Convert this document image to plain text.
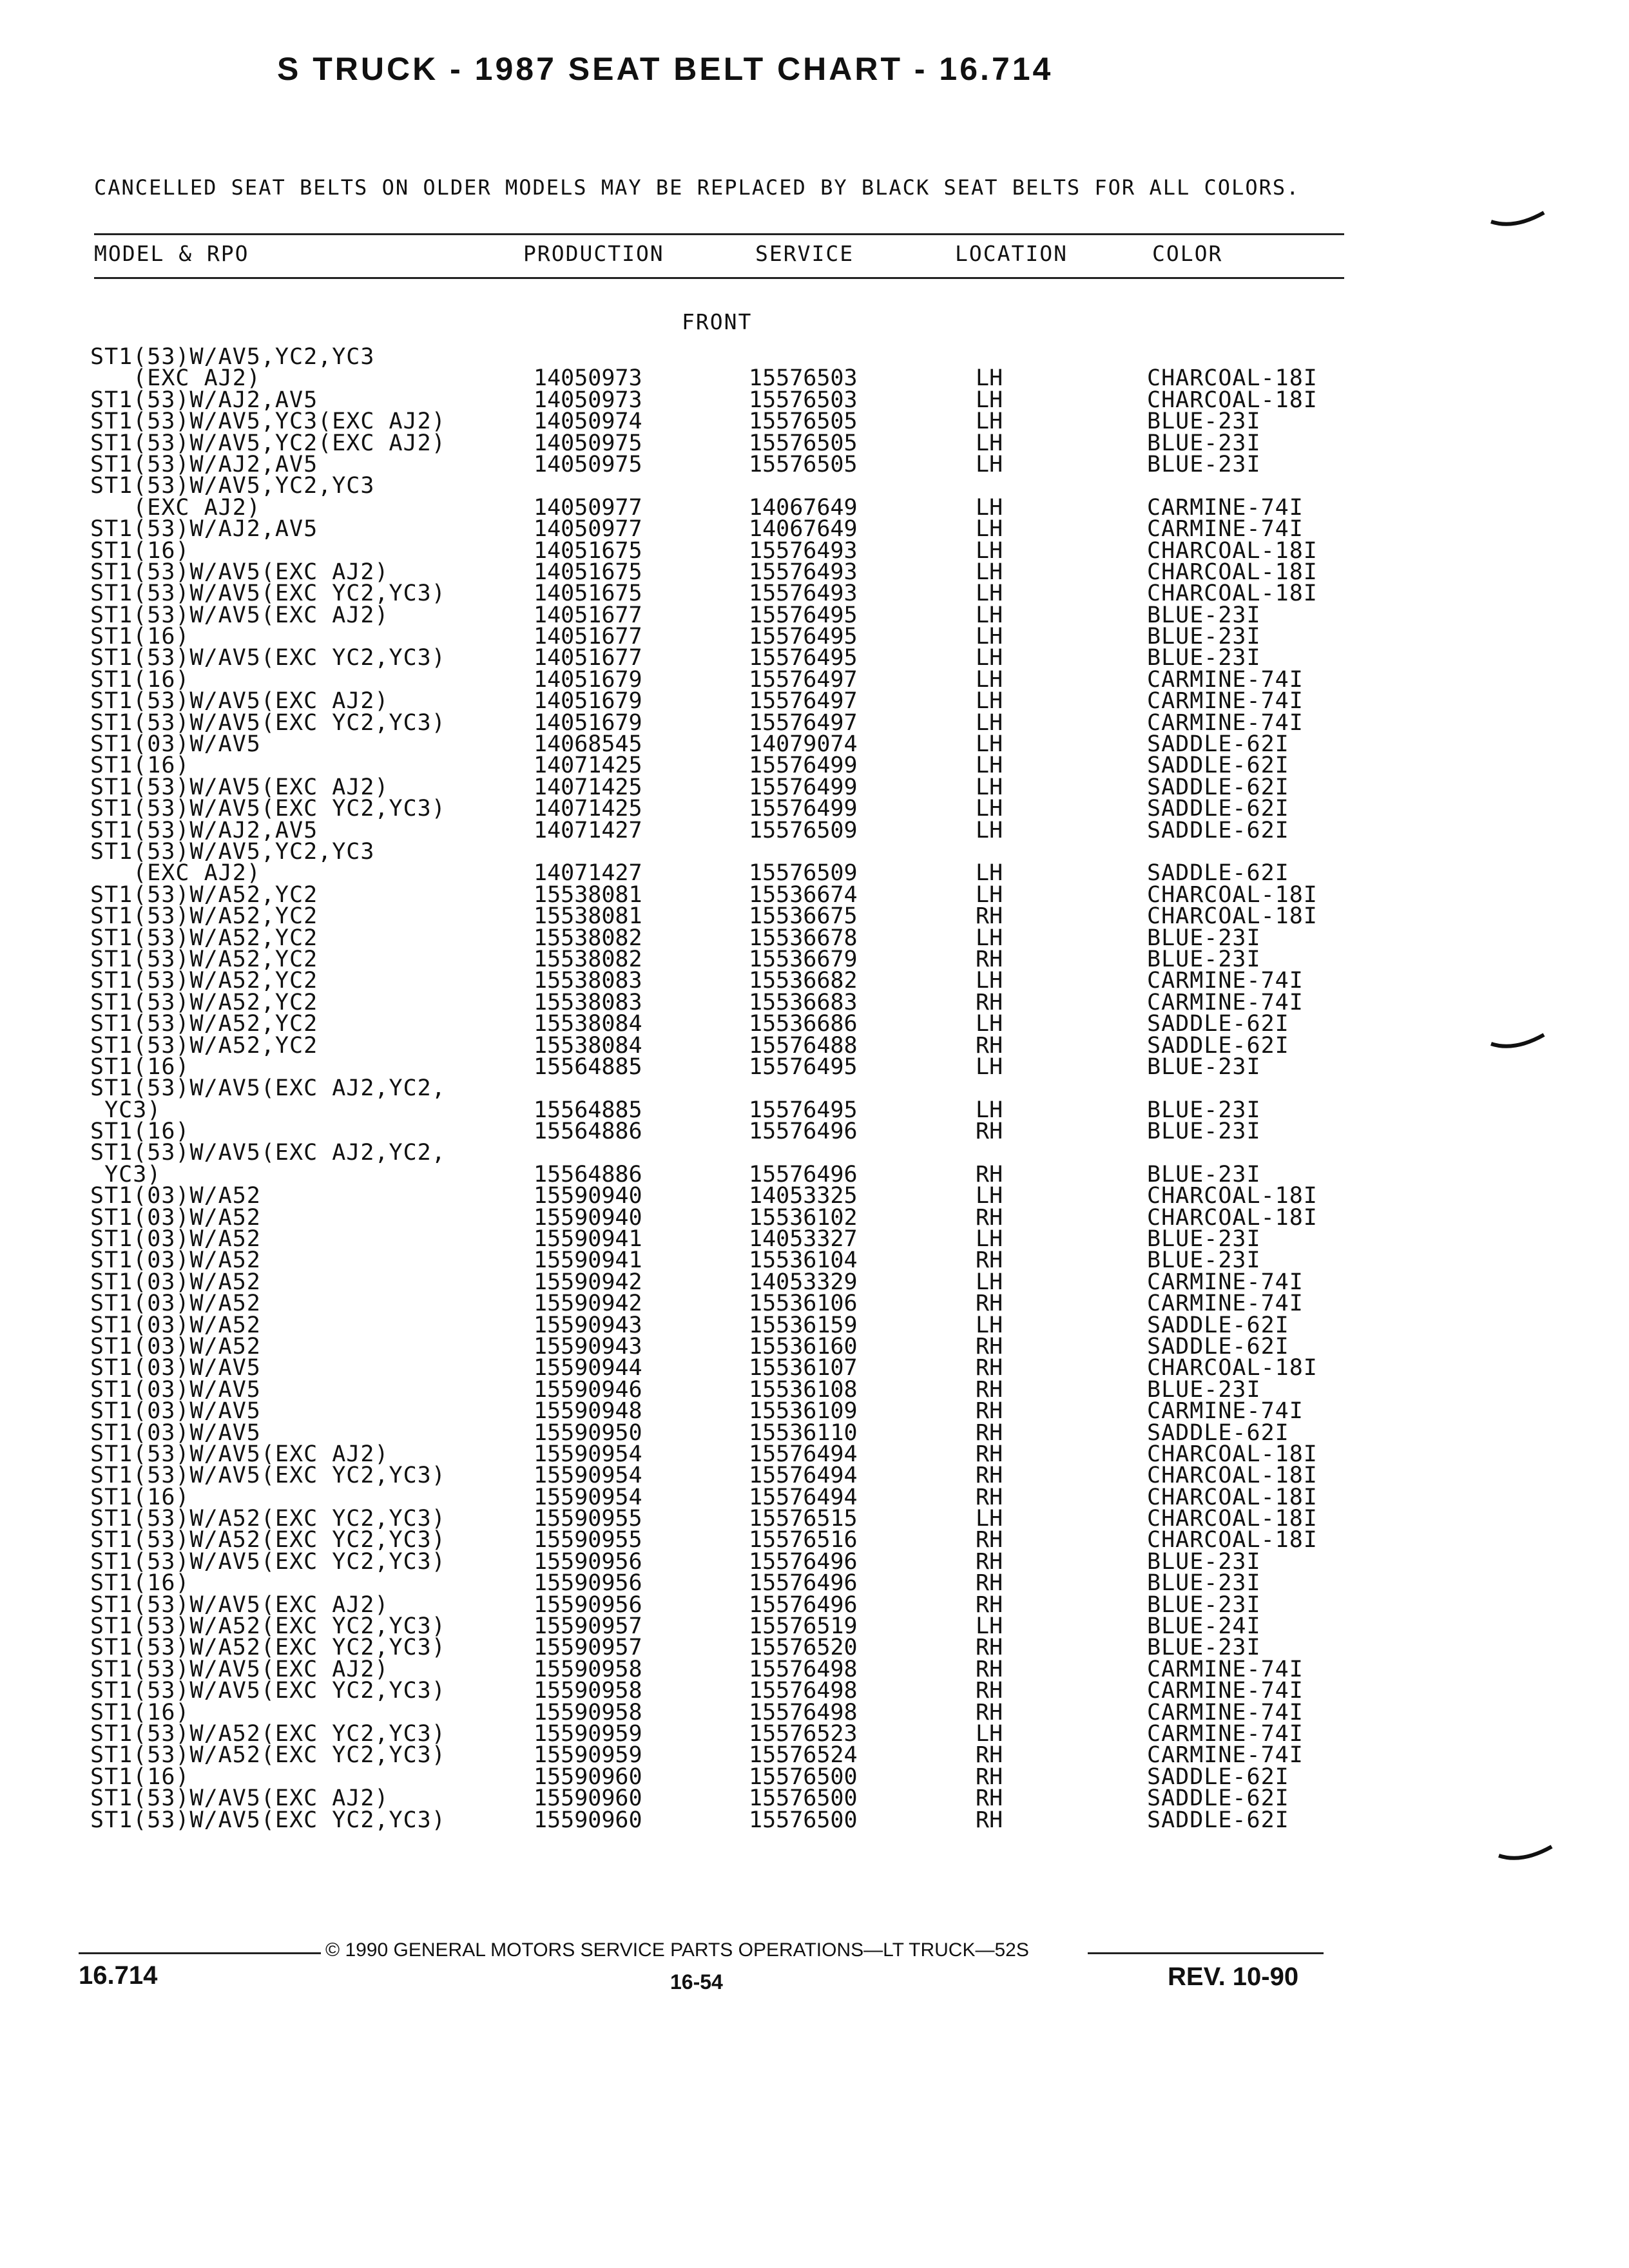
S TRUCK - 1987 SEAT BELT CHART - 16.714
CANCELLED SEAT BELTS ON OLDER MODELS MAY BE REPLACED BY BLACK SEAT BELTS FOR ALL COLORS.
MODEL & RPO	PRODUCTION	SERVICE	LOCATION	COLOR
FRONT
ST1(53)W/AV5,YC2,YC3
(EXC AJ2)	14050973	15576503	LH	CHARCOAL-18I
ST1(53)W/AJ2,AV5	14050973	15576503	LH	CHARCOAL-18I
ST1(53)W/AV5,YC3(EXC AJ2)	14050974	15576505	LH	BLUE-23I
ST1(53)W/AV5,YC2(EXC AJ2)	14050975	15576505	LH	BLUE-23I
ST1(53)W/AJ2,AV5	14050975	15576505	LH	BLUE-23I
ST1(53)W/AV5,YC2,YC3
(EXC AJ2)	14050977	14067649	LH	CARMINE-74I
ST1(53)W/AJ2,AV5	14050977	14067649	LH	CARMINE-74I
ST1(16)	14051675	15576493	LH	CHARCOAL-18I
ST1(53)W/AV5(EXC AJ2)	14051675	15576493	LH	CHARCOAL-18I
ST1(53)W/AV5(EXC YC2,YC3)	14051675	15576493	LH	CHARCOAL-18I
ST1(53)W/AV5(EXC AJ2)	14051677	15576495	LH	BLUE-23I
ST1(16)	14051677	15576495	LH	BLUE-23I
ST1(53)W/AV5(EXC YC2,YC3)	14051677	15576495	LH	BLUE-23I
ST1(16)	14051679	15576497	LH	CARMINE-74I
ST1(53)W/AV5(EXC AJ2)	14051679	15576497	LH	CARMINE-74I
ST1(53)W/AV5(EXC YC2,YC3)	14051679	15576497	LH	CARMINE-74I
ST1(03)W/AV5	14068545	14079074	LH	SADDLE-62I
ST1(16)	14071425	15576499	LH	SADDLE-62I
ST1(53)W/AV5(EXC AJ2)	14071425	15576499	LH	SADDLE-62I
ST1(53)W/AV5(EXC YC2,YC3)	14071425	15576499	LH	SADDLE-62I
ST1(53)W/AJ2,AV5	14071427	15576509	LH	SADDLE-62I
ST1(53)W/AV5,YC2,YC3
(EXC AJ2)	14071427	15576509	LH	SADDLE-62I
ST1(53)W/A52,YC2	15538081	15536674	LH	CHARCOAL-18I
ST1(53)W/A52,YC2	15538081	15536675	RH	CHARCOAL-18I
ST1(53)W/A52,YC2	15538082	15536678	LH	BLUE-23I
ST1(53)W/A52,YC2	15538082	15536679	RH	BLUE-23I
ST1(53)W/A52,YC2	15538083	15536682	LH	CARMINE-74I
ST1(53)W/A52,YC2	15538083	15536683	RH	CARMINE-74I
ST1(53)W/A52,YC2	15538084	15536686	LH	SADDLE-62I
ST1(53)W/A52,YC2	15538084	15576488	RH	SADDLE-62I
ST1(16)	15564885	15576495	LH	BLUE-23I
ST1(53)W/AV5(EXC AJ2,YC2,
YC3)	15564885	15576495	LH	BLUE-23I
ST1(16)	15564886	15576496	RH	BLUE-23I
ST1(53)W/AV5(EXC AJ2,YC2,
YC3)	15564886	15576496	RH	BLUE-23I
ST1(03)W/A52	15590940	14053325	LH	CHARCOAL-18I
ST1(03)W/A52	15590940	15536102	RH	CHARCOAL-18I
ST1(03)W/A52	15590941	14053327	LH	BLUE-23I
ST1(03)W/A52	15590941	15536104	RH	BLUE-23I
ST1(03)W/A52	15590942	14053329	LH	CARMINE-74I
ST1(03)W/A52	15590942	15536106	RH	CARMINE-74I
ST1(03)W/A52	15590943	15536159	LH	SADDLE-62I
ST1(03)W/A52	15590943	15536160	RH	SADDLE-62I
ST1(03)W/AV5	15590944	15536107	RH	CHARCOAL-18I
ST1(03)W/AV5	15590946	15536108	RH	BLUE-23I
ST1(03)W/AV5	15590948	15536109	RH	CARMINE-74I
ST1(03)W/AV5	15590950	15536110	RH	SADDLE-62I
ST1(53)W/AV5(EXC AJ2)	15590954	15576494	RH	CHARCOAL-18I
ST1(53)W/AV5(EXC YC2,YC3)	15590954	15576494	RH	CHARCOAL-18I
ST1(16)	15590954	15576494	RH	CHARCOAL-18I
ST1(53)W/A52(EXC YC2,YC3)	15590955	15576515	LH	CHARCOAL-18I
ST1(53)W/A52(EXC YC2,YC3)	15590955	15576516	RH	CHARCOAL-18I
ST1(53)W/AV5(EXC YC2,YC3)	15590956	15576496	RH	BLUE-23I
ST1(16)	15590956	15576496	RH	BLUE-23I
ST1(53)W/AV5(EXC AJ2)	15590956	15576496	RH	BLUE-23I
ST1(53)W/A52(EXC YC2,YC3)	15590957	15576519	LH	BLUE-24I
ST1(53)W/A52(EXC YC2,YC3)	15590957	15576520	RH	BLUE-23I
ST1(53)W/AV5(EXC AJ2)	15590958	15576498	RH	CARMINE-74I
ST1(53)W/AV5(EXC YC2,YC3)	15590958	15576498	RH	CARMINE-74I
ST1(16)	15590958	15576498	RH	CARMINE-74I
ST1(53)W/A52(EXC YC2,YC3)	15590959	15576523	LH	CARMINE-74I
ST1(53)W/A52(EXC YC2,YC3)	15590959	15576524	RH	CARMINE-74I
ST1(16)	15590960	15576500	RH	SADDLE-62I
ST1(53)W/AV5(EXC AJ2)	15590960	15576500	RH	SADDLE-62I
ST1(53)W/AV5(EXC YC2,YC3)	15590960	15576500	RH	SADDLE-62I
© 1990 GENERAL MOTORS SERVICE PARTS OPERATIONS—LT TRUCK—52S
16.714	16-54	REV. 10-90
